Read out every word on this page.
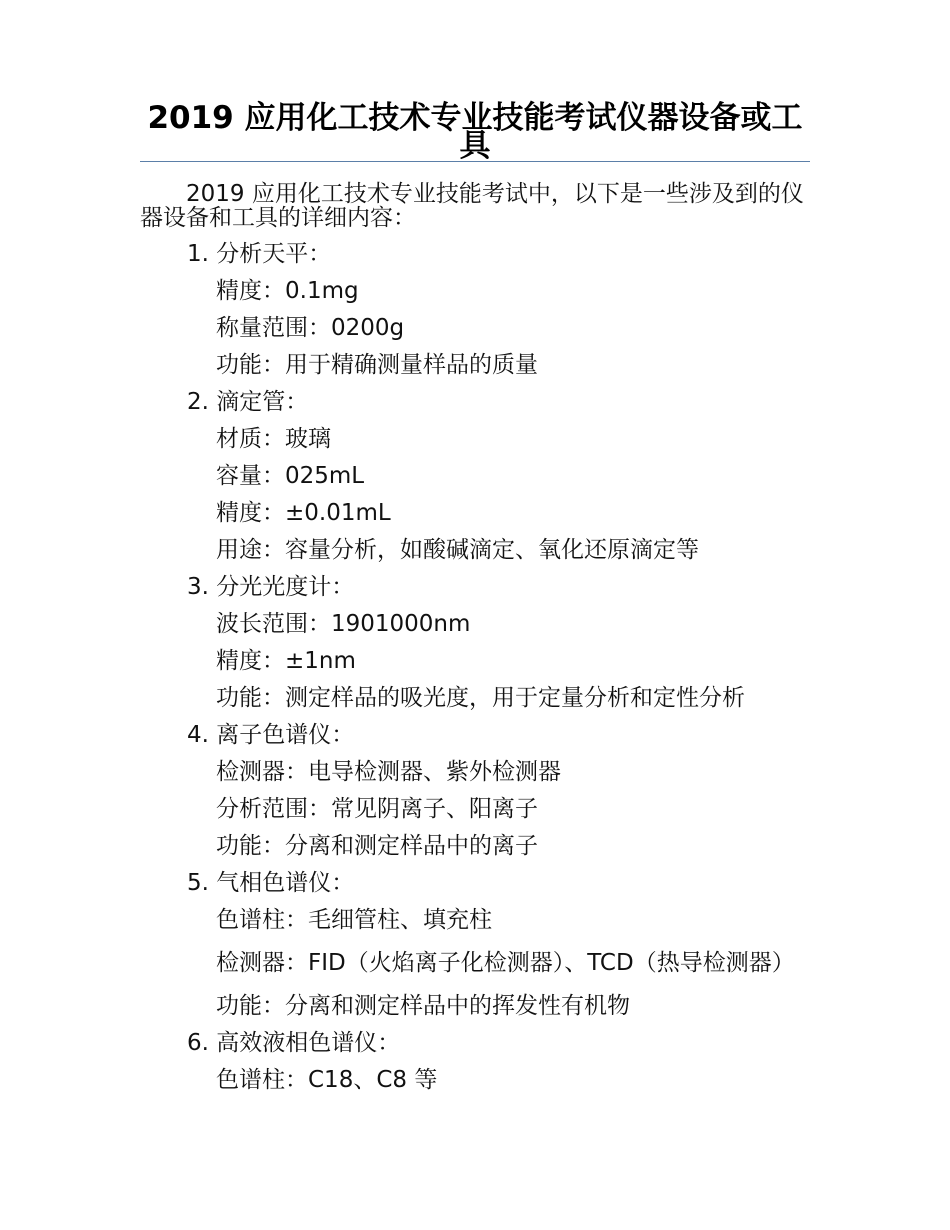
2019 应用化工技术专业技能考试仪器设备或工具

2019 应用化工技术专业技能考试中，以下是一些涉及到的仪器设备和工具的详细内容：

1. 分析天平：
精度：0.1mg
称量范围：0200g
功能：用于精确测量样品的质量
2. 滴定管：
材质：玻璃
容量：025mL
精度：±0.01mL
用途：容量分析，如酸碱滴定、氧化还原滴定等
3. 分光光度计：
波长范围：1901000nm
精度：±1nm
功能：测定样品的吸光度，用于定量分析和定性分析
4. 离子色谱仪：
检测器：电导检测器、紫外检测器
分析范围：常见阴离子、阳离子
功能：分离和测定样品中的离子
5. 气相色谱仪：
色谱柱：毛细管柱、填充柱
检测器：FID（火焰离子化检测器）、TCD（热导检测器）
功能：分离和测定样品中的挥发性有机物
6. 高效液相色谱仪：
色谱柱：C18、C8 等
